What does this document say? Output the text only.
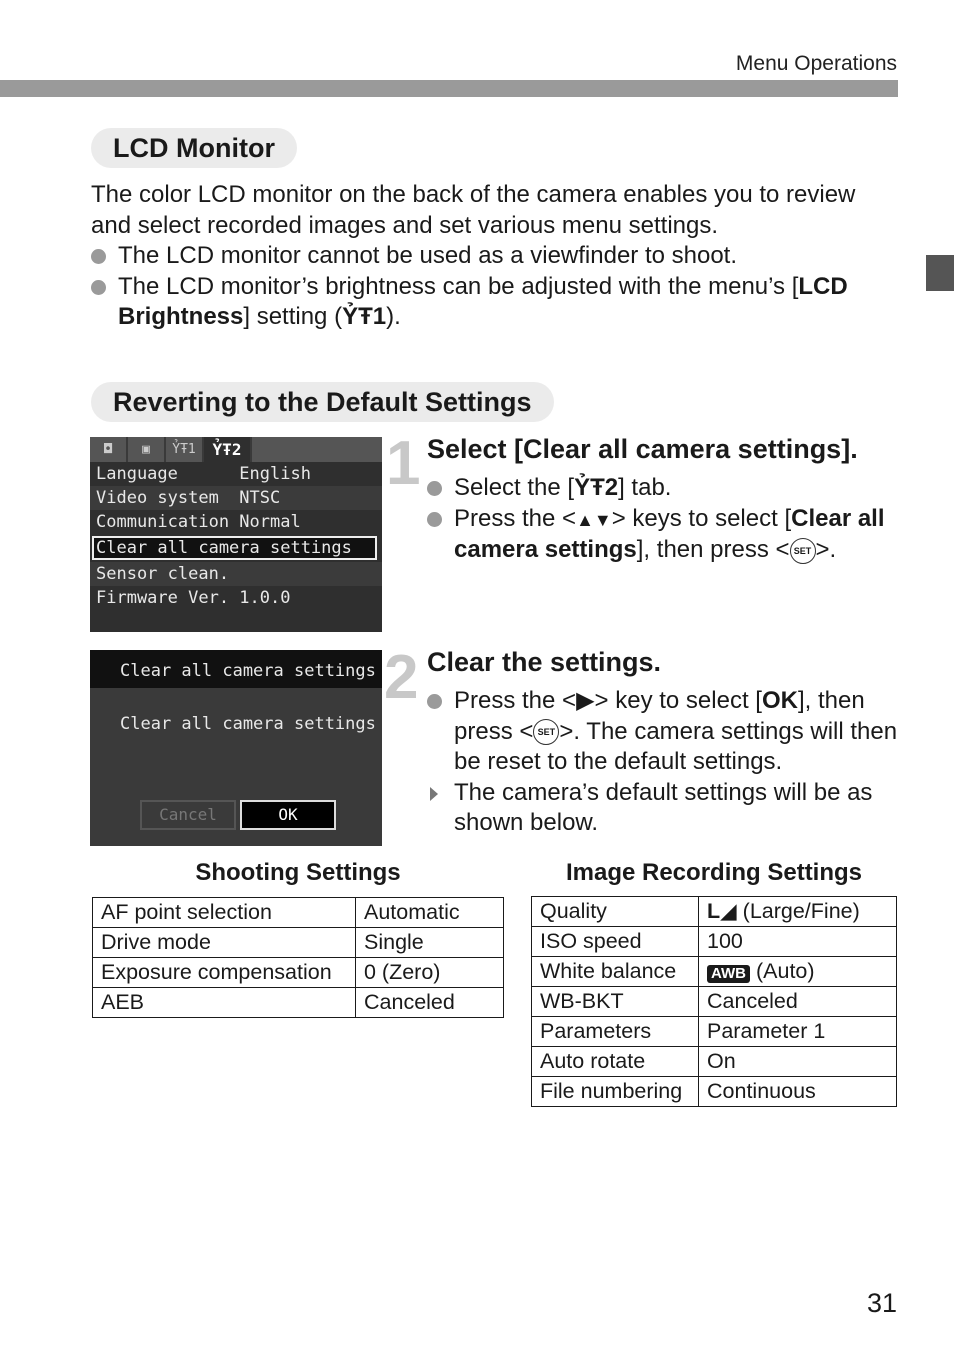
Menu Operations
LCD Monitor
The color LCD monitor on the back of the camera enables you to review and select recorded images and set various menu settings.
The LCD monitor cannot be used as a viewfinder to shoot.
The LCD monitor’s brightness can be adjusted with the menu’s [LCD Brightness] setting (ỶŦ1).
Reverting to the Default Settings
◘	▣	ỶŦ1	ỶŦ2
Language      English
Video system  NTSC
Communication Normal
Clear all camera settings
Sensor clean.
Firmware Ver. 1.0.0
1 Select [Clear all camera settings].
Select the [ỶŦ2] tab.
Press the <▲▼> keys to select [Clear all camera settings], then press < SET >.
Clear all camera settings
Clear all camera settings
Cancel	OK
2 Clear the settings.
Press the <▶> key to select [OK], then press < SET >. The camera settings will then be reset to the default settings.
The camera’s default settings will be as shown below.
Shooting Settings
AF point selection	Automatic
Drive mode	Single
Exposure compensation	0 (Zero)
AEB	Canceled
Image Recording Settings
Quality	L◢ (Large/Fine)
ISO speed	100
White balance	AWB (Auto)
WB-BKT	Canceled
Parameters	Parameter 1
Auto rotate	On
File numbering	Continuous
31
